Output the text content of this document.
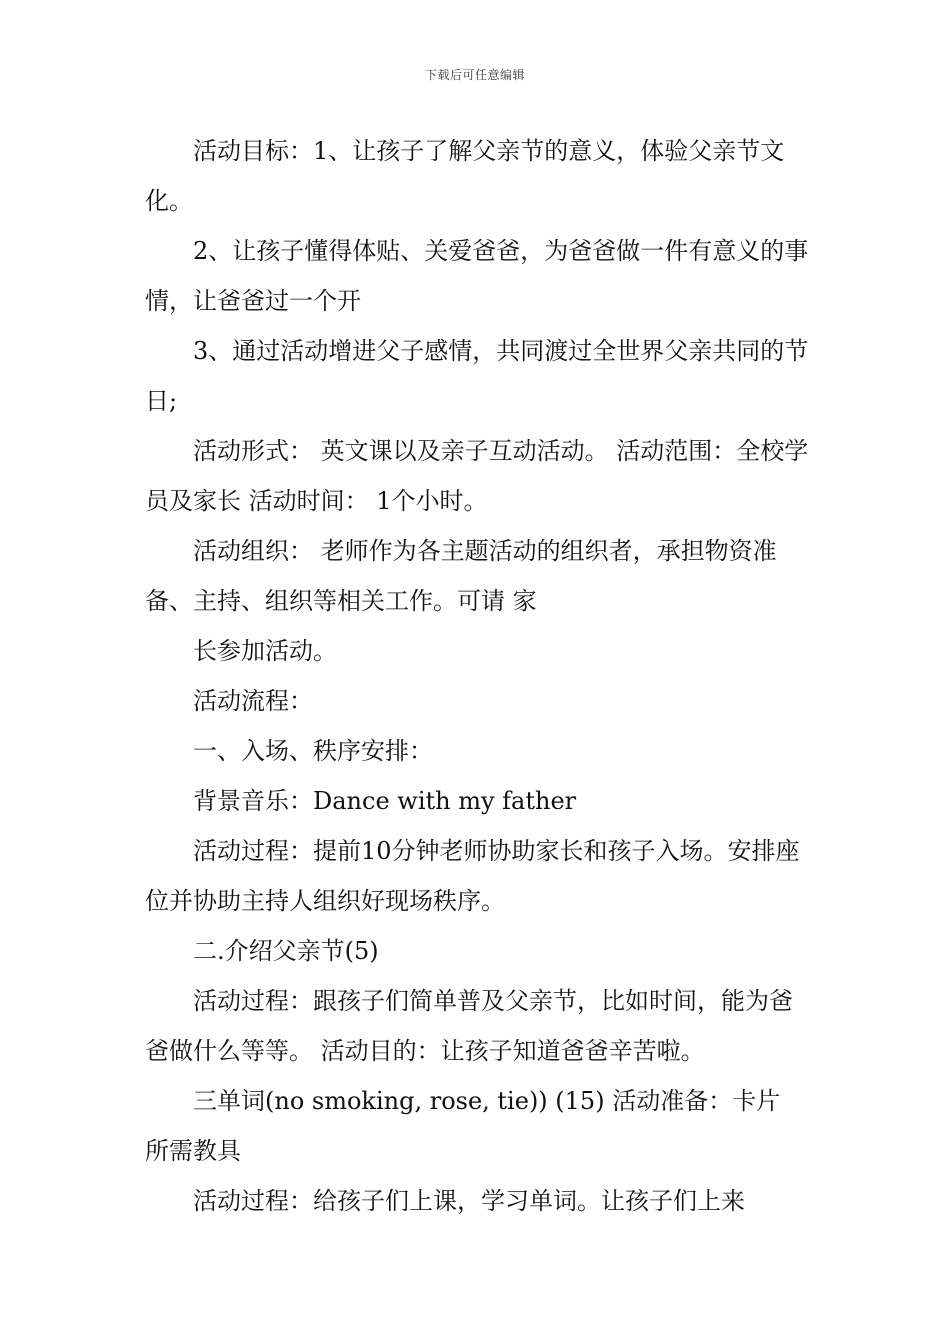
下载后可任意编辑

活动目标：1、让孩子了解父亲节的意义，体验父亲节文化。

2、让孩子懂得体贴、关爱爸爸，为爸爸做一件有意义的事情，让爸爸过一个开

3、通过活动增进父子感情，共同渡过全世界父亲共同的节日;

活动形式： 英文课以及亲子互动活动。 活动范围：全校学员及家长 活动时间： 1个小时。

活动组织： 老师作为各主题活动的组织者，承担物资准备、主持、组织等相关工作。可请 家

长参加活动。

活动流程：

一、入场、秩序安排：

背景音乐：Dance with my father

活动过程：提前10分钟老师协助家长和孩子入场。安排座位并协助主持人组织好现场秩序。

二.介绍父亲节(5)

活动过程：跟孩子们简单普及父亲节，比如时间，能为爸爸做什么等等。 活动目的：让孩子知道爸爸辛苦啦。

三单词(no smoking, rose, tie)) (15) 活动准备：卡片 所需教具

活动过程：给孩子们上课，学习单词。让孩子们上来
